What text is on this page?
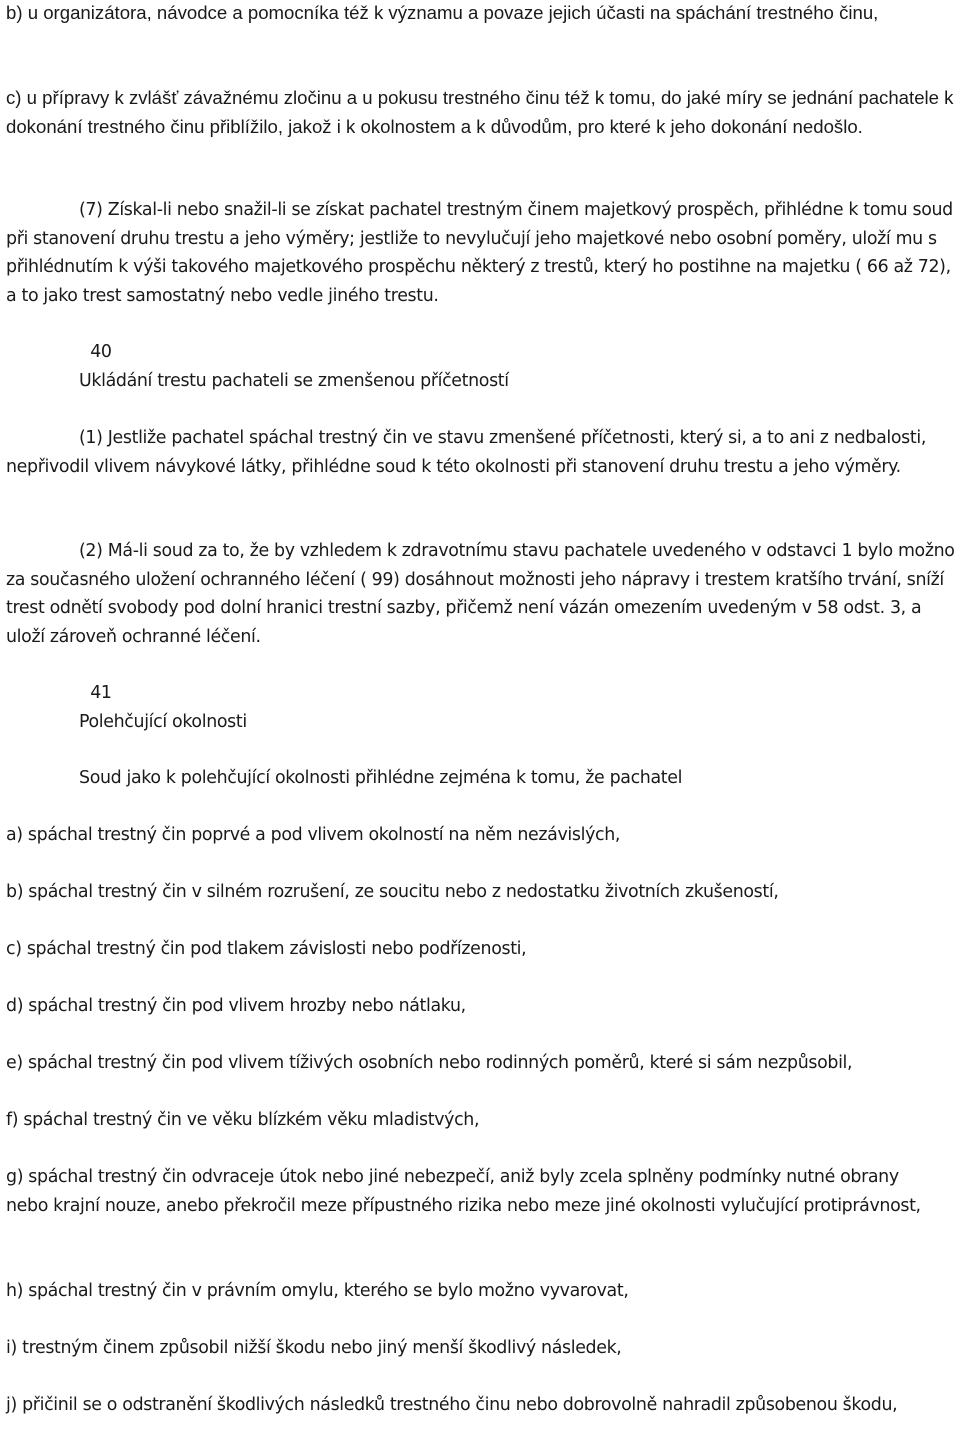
b) u organizátora, návodce a pomocníka též k významu a povaze jejich účasti na spáchání trestného činu,

c) u přípravy k zvlášť závažnému zločinu a u pokusu trestného činu též k tomu, do jaké míry se jednání pachatele k dokonání trestného činu přiblížilo, jakož i k okolnostem a k důvodům, pro které k jeho dokonání nedošlo.

(7) Získal-li nebo snažil-li se získat pachatel trestným činem majetkový prospěch, přihlédne k tomu soud při stanovení druhu trestu a jeho výměry; jestliže to nevylučují jeho majetkové nebo osobní poměry, uloží mu s přihlédnutím k výši takového majetkového prospěchu některý z trestů, který ho postihne na majetku ( 66 až 72), a to jako trest samostatný nebo vedle jiného trestu.

40
Ukládání trestu pachateli se zmenšenou příčetností

(1) Jestliže pachatel spáchal trestný čin ve stavu zmenšené příčetnosti, který si, a to ani z nedbalosti, nepřivodil vlivem návykové látky, přihlédne soud k této okolnosti při stanovení druhu trestu a jeho výměry.

(2) Má-li soud za to, že by vzhledem k zdravotnímu stavu pachatele uvedeného v odstavci 1 bylo možno za současného uložení ochranného léčení ( 99) dosáhnout možnosti jeho nápravy i trestem kratšího trvání, sníží trest odnětí svobody pod dolní hranici trestní sazby, přičemž není vázán omezením uvedeným v 58 odst. 3, a uloží zároveň ochranné léčení.

41
Polehčující okolnosti

Soud jako k polehčující okolnosti přihlédne zejména k tomu, že pachatel

a) spáchal trestný čin poprvé a pod vlivem okolností na něm nezávislých,

b) spáchal trestný čin v silném rozrušení, ze soucitu nebo z nedostatku životních zkušeností,

c) spáchal trestný čin pod tlakem závislosti nebo podřízenosti,

d) spáchal trestný čin pod vlivem hrozby nebo nátlaku,

e) spáchal trestný čin pod vlivem tíživých osobních nebo rodinných poměrů, které si sám nezpůsobil,

f) spáchal trestný čin ve věku blízkém věku mladistvých,

g) spáchal trestný čin odvraceje útok nebo jiné nebezpečí, aniž byly zcela splněny podmínky nutné obrany nebo krajní nouze, anebo překročil meze přípustného rizika nebo meze jiné okolnosti vylučující protiprávnost,

h) spáchal trestný čin v právním omylu, kterého se bylo možno vyvarovat,

i) trestným činem způsobil nižší škodu nebo jiný menší škodlivý následek,

j) přičinil se o odstranění škodlivých následků trestného činu nebo dobrovolně nahradil způsobenou škodu,
